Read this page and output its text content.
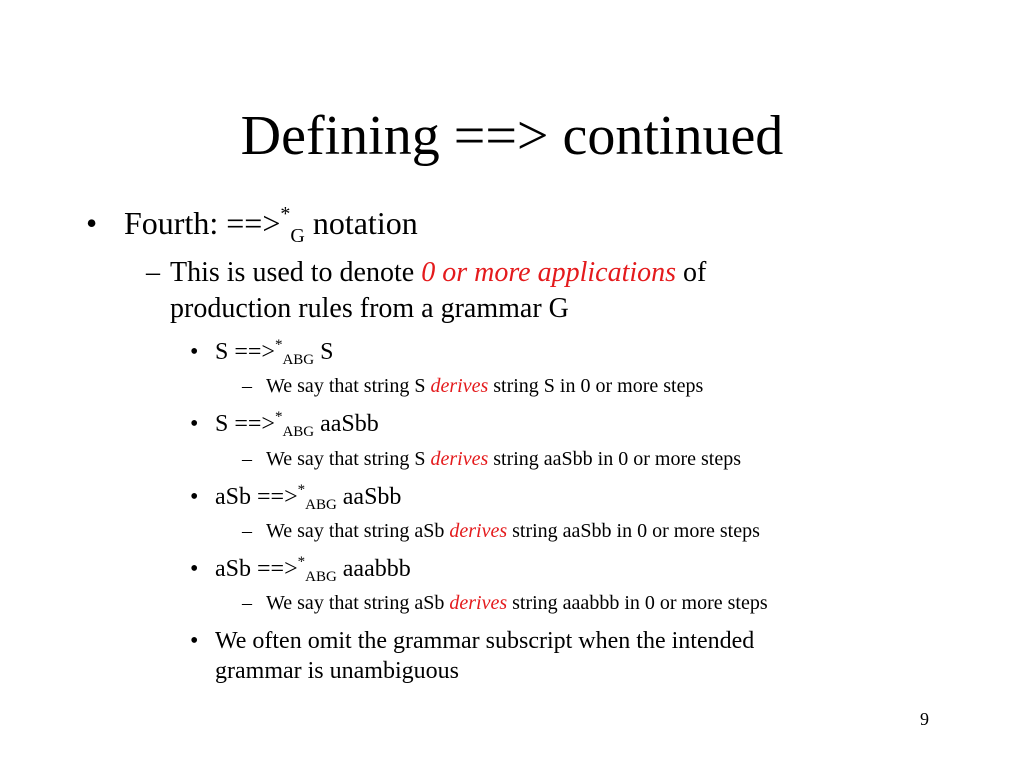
Defining ==> continued
• Fourth: $==>^*_G$ notation
– This is used to denote 0 or more applications of
production rules from a grammar G
• $S ==>^*_{ABG}$ S
– We say that string S derives string S in 0 or more steps
• $S ==>^*_{ABG}$ aaSbb
– We say that string S derives string aaSbb in 0 or more steps
• aSb $==>^*_{ABG}$ aaSbb
– We say that string aSb derives string aaSbb in 0 or more steps
• aSb $==>^*_{ABG}$ aaabbb
– We say that string aSb derives string aaabbb in 0 or more steps
• We often omit the grammar subscript when the intended
grammar is unambiguous
9
